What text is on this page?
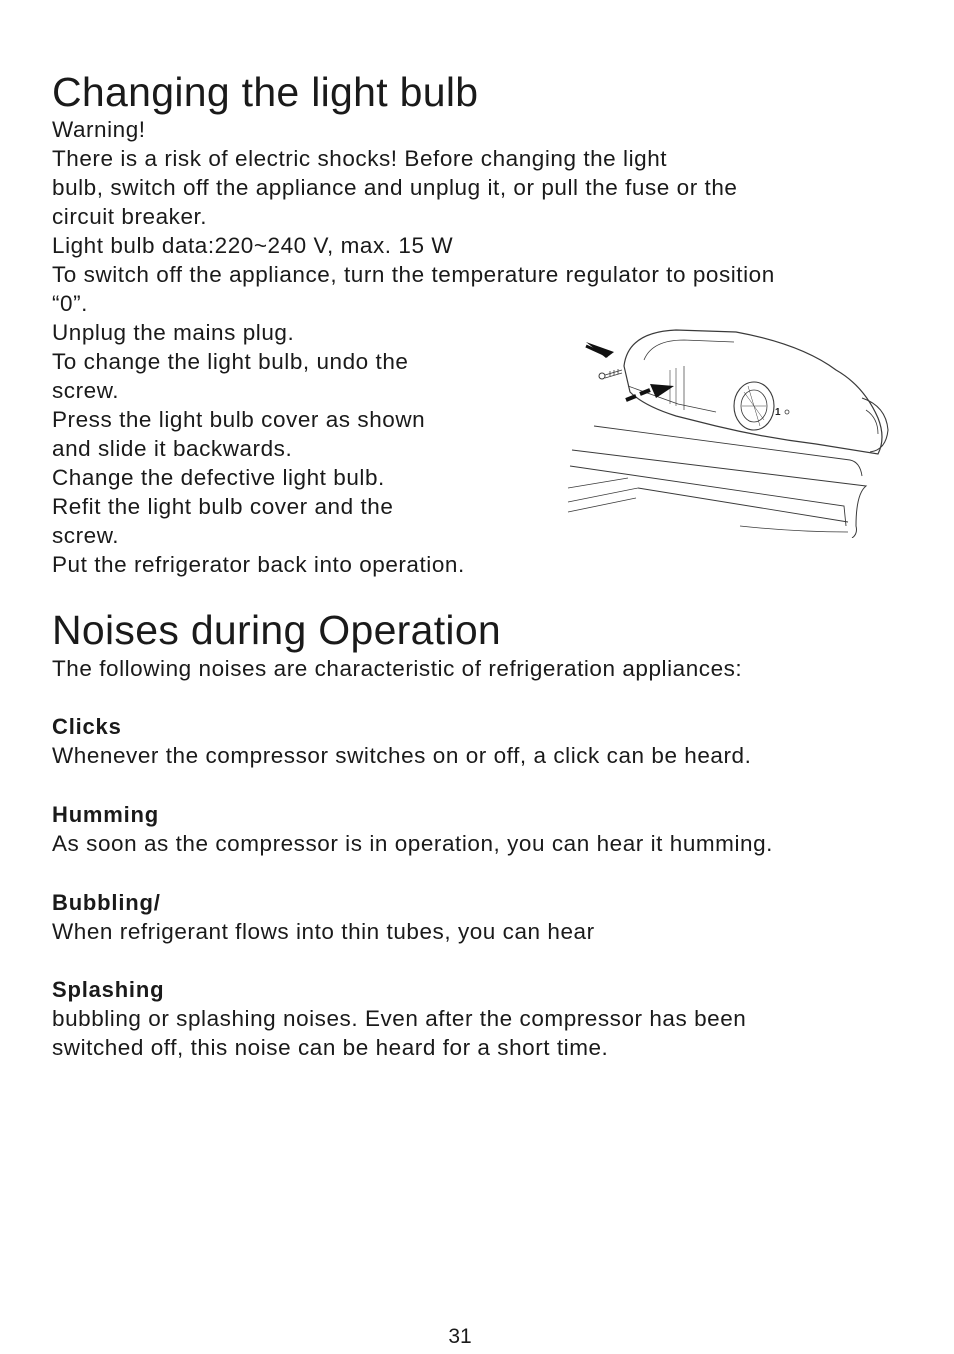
Changing the light bulb

Warning!

There is a risk of electric shocks! Before changing the light

bulb, switch off the appliance and unplug it, or pull the fuse or the

circuit breaker.

Light bulb data:220~240 V, max. 15 W

To switch off the appliance, turn the temperature regulator to position

“0”.

Unplug the mains plug.

To change the light bulb, undo the

screw.

Press the light bulb cover as shown

and slide it backwards.

Change the defective light bulb.

Refit the light bulb cover and the

screw.

Put the refrigerator back into operation.

1
Noises during Operation

The following noises are characteristic of refrigeration appliances:

Clicks

Whenever the compressor switches on or off, a click can be heard.

Humming

As soon as the compressor is in operation, you can hear it humming.

Bubbling/

When refrigerant flows into thin tubes, you can hear

Splashing

bubbling or splashing noises. Even after the compressor has been

switched off, this noise can be heard for a short time.

31
